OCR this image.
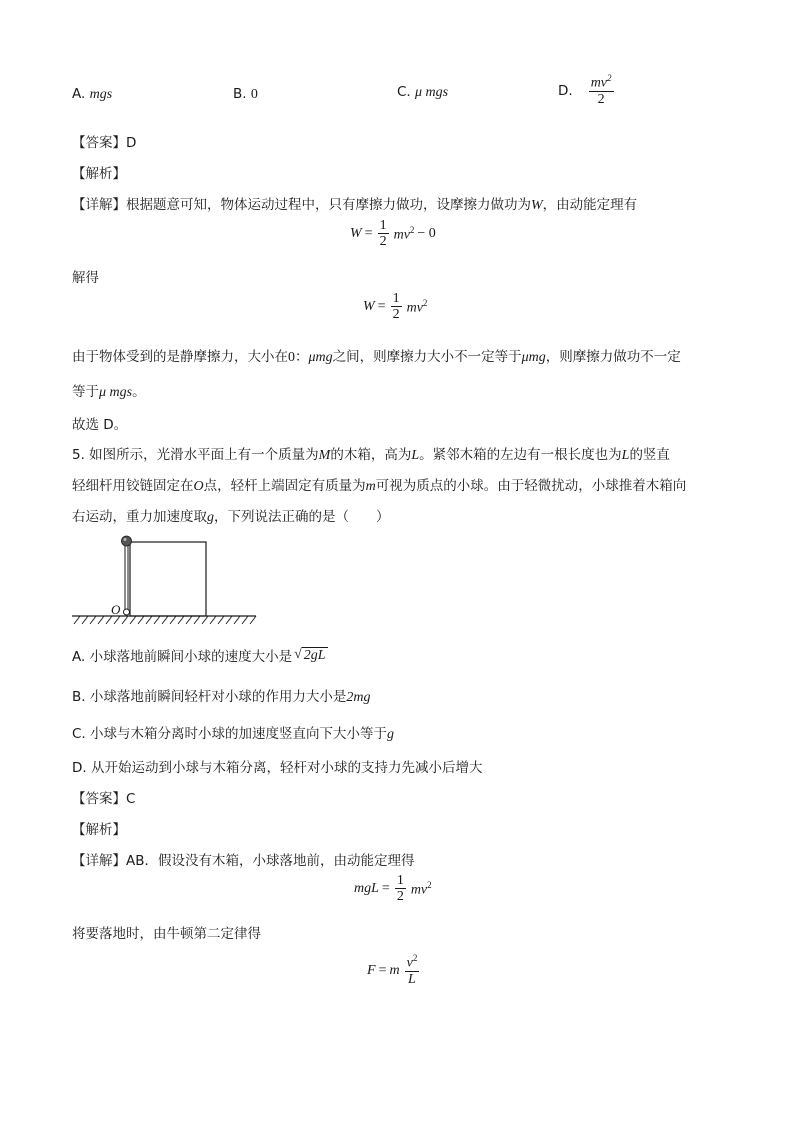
A. mgs	B. 0	C. μ mgs	D. $\frac{mv^2}{2}$
【答案】D
【解析】
【详解】根据题意可知，物体运动过程中，只有摩擦力做功，设摩擦力做功为W，由动能定理有
$W = \frac{1}{2} mv^2 - 0$
解得
$W = \frac{1}{2} mv^2$
由于物体受到的是静摩擦力，大小在0：μmg之间，则摩擦力大小不一定等于μmg，则摩擦力做功不一定
等于μ mgs。
故选 D。
5. 如图所示，光滑水平面上有一个质量为M的木箱，高为L。紧邻木箱的左边有一根长度也为L的竖直
轻细杆用铰链固定在O点，轻杆上端固定有质量为m可视为质点的小球。由于轻微扰动，小球推着木箱向
右运动，重力加速度取g，下列说法正确的是（　　）
O
A. 小球落地前瞬间小球的速度大小是 √ 2gL
B. 小球落地前瞬间轻杆对小球的作用力大小是2mg
C. 小球与木箱分离时小球的加速度竖直向下大小等于g
D. 从开始运动到小球与木箱分离，轻杆对小球的支持力先减小后增大
【答案】C
【解析】
【详解】AB．假设没有木箱，小球落地前，由动能定理得
mgL = $\frac{1}{2} mv^2$
将要落地时，由牛顿第二定律得
F = m $\frac{v^2}{L}$
